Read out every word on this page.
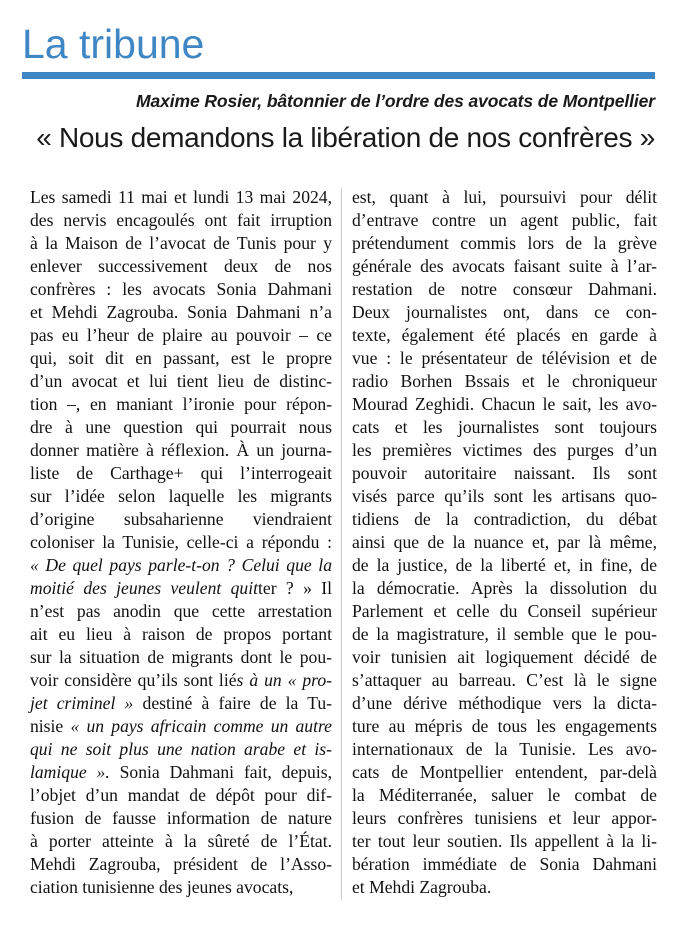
La tribune
Maxime Rosier, bâtonnier de l’ordre des avocats de Montpellier
« Nous demandons la libération de nos confrères »
Les samedi 11 mai et lundi 13 mai 2024,
des nervis encagoulés ont fait irruption
à la Maison de l’avocat de Tunis pour y
enlever successivement deux de nos
confrères : les avocats Sonia Dahmani
et Mehdi Zagrouba. Sonia Dahmani n’a
pas eu l’heur de plaire au pouvoir – ce
qui, soit dit en passant, est le propre
d’un avocat et lui tient lieu de distinc-
tion –, en maniant l’ironie pour répon-
dre à une question qui pourrait nous
donner matière à réflexion. À un journa-
liste de Carthage+ qui l’interrogeait
sur l’idée selon laquelle les migrants
d’origine subsaharienne viendraient
coloniser la Tunisie, celle-ci a répondu :
« De quel pays parle-t-on ? Celui que la
moitié des jeunes veulent quitter ? » Il
n’est pas anodin que cette arrestation
ait eu lieu à raison de propos portant
sur la situation de migrants dont le pou-
voir considère qu’ils sont liés à un « pro-
jet criminel » destiné à faire de la Tu-
nisie « un pays africain comme un autre
qui ne soit plus une nation arabe et is-
lamique ». Sonia Dahmani fait, depuis,
l’objet d’un mandat de dépôt pour dif-
fusion de fausse information de nature
à porter atteinte à la sûreté de l’État.
Mehdi Zagrouba, président de l’Asso-
ciation tunisienne des jeunes avocats,
est, quant à lui, poursuivi pour délit
d’entrave contre un agent public, fait
prétendument commis lors de la grève
générale des avocats faisant suite à l’ar-
restation de notre consœur Dahmani.
Deux journalistes ont, dans ce con-
texte, également été placés en garde à
vue : le présentateur de télévision et de
radio Borhen Bssais et le chroniqueur
Mourad Zeghidi. Chacun le sait, les avo-
cats et les journalistes sont toujours
les premières victimes des purges d’un
pouvoir autoritaire naissant. Ils sont
visés parce qu’ils sont les artisans quo-
tidiens de la contradiction, du débat
ainsi que de la nuance et, par là même,
de la justice, de la liberté et, in fine, de
la démocratie. Après la dissolution du
Parlement et celle du Conseil supérieur
de la magistrature, il semble que le pou-
voir tunisien ait logiquement décidé de
s’attaquer au barreau. C’est là le signe
d’une dérive méthodique vers la dicta-
ture au mépris de tous les engagements
internationaux de la Tunisie. Les avo-
cats de Montpellier entendent, par-delà
la Méditerranée, saluer le combat de
leurs confrères tunisiens et leur appor-
ter tout leur soutien. Ils appellent à la li-
bération immédiate de Sonia Dahmani
et Mehdi Zagrouba.
